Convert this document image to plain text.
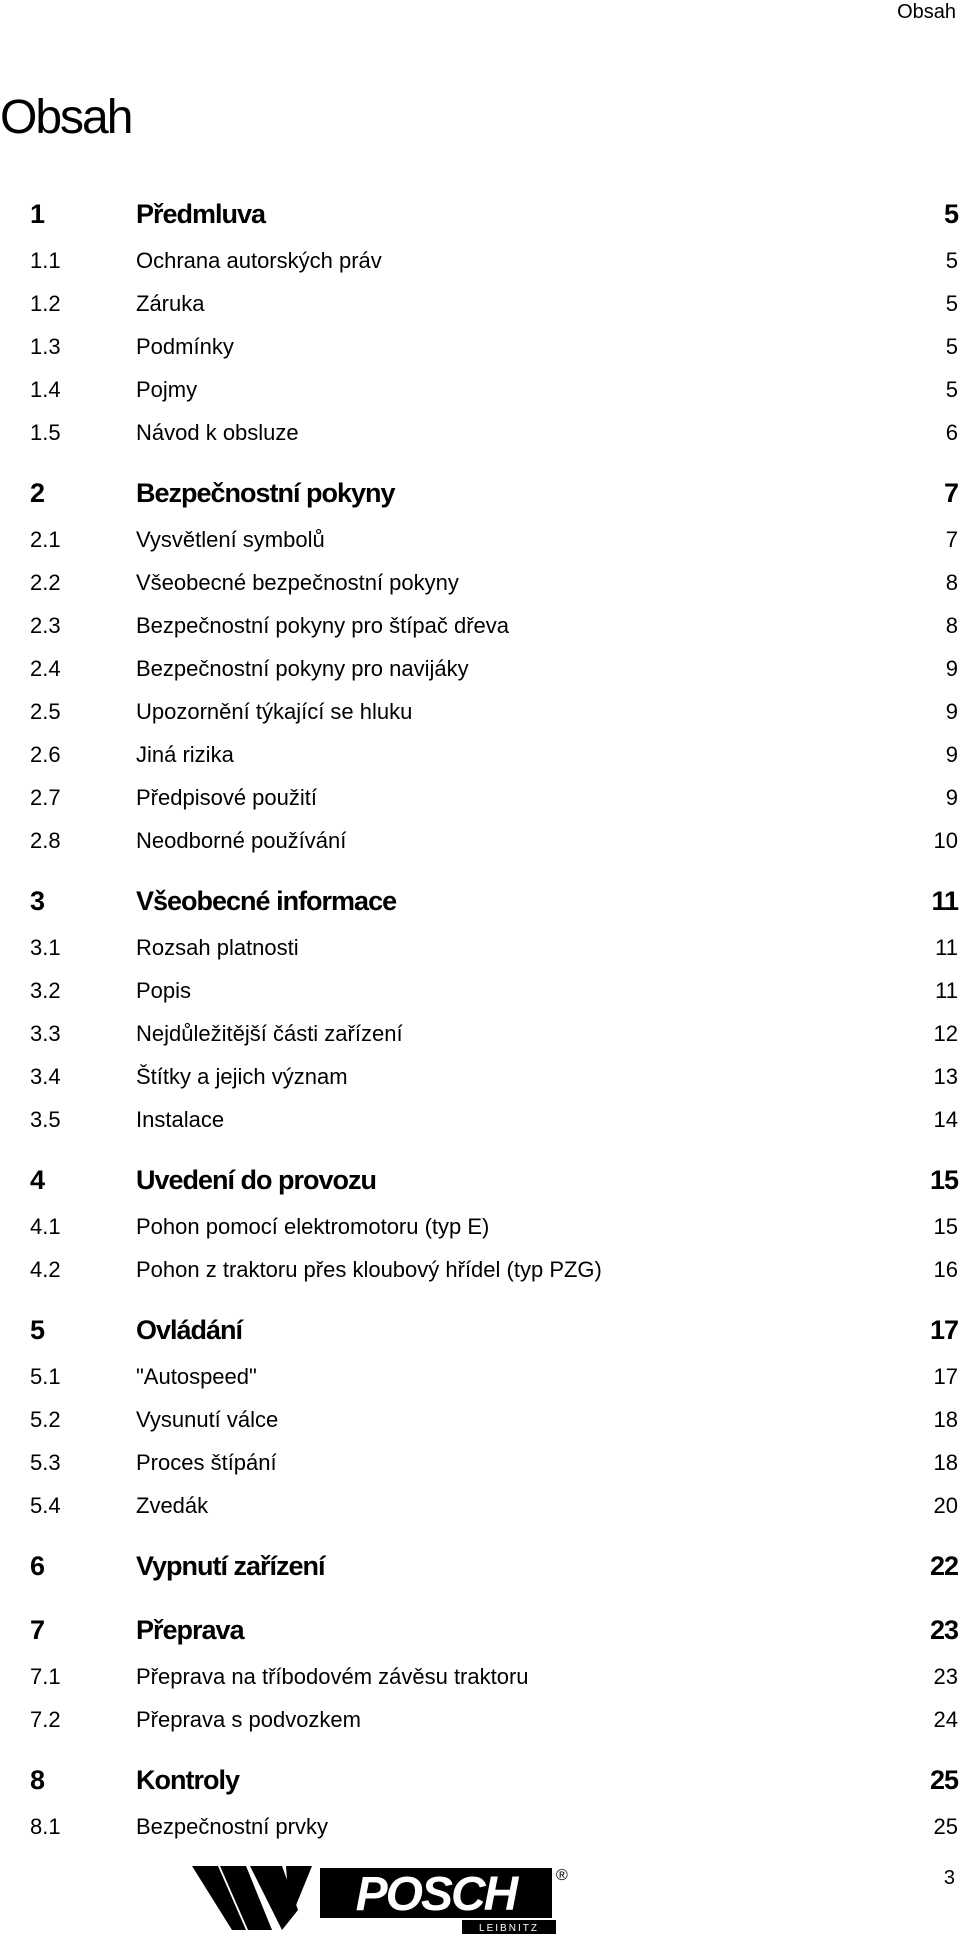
Obsah
Obsah
1	Předmluva	5
1.1	Ochrana autorských práv	5
1.2	Záruka	5
1.3	Podmínky	5
1.4	Pojmy	5
1.5	Návod k obsluze	6
2	Bezpečnostní pokyny	7
2.1	Vysvětlení symbolů	7
2.2	Všeobecné bezpečnostní pokyny	8
2.3	Bezpečnostní pokyny pro štípač dřeva	8
2.4	Bezpečnostní pokyny pro navijáky	9
2.5	Upozornění týkající se hluku	9
2.6	Jiná rizika	9
2.7	Předpisové použití	9
2.8	Neodborné používání	10
3	Všeobecné informace	11
3.1	Rozsah platnosti	11
3.2	Popis	11
3.3	Nejdůležitější části zařízení	12
3.4	Štítky a jejich význam	13
3.5	Instalace	14
4	Uvedení do provozu	15
4.1	Pohon pomocí elektromotoru (typ E)	15
4.2	Pohon z traktoru přes kloubový hřídel (typ PZG)	16
5	Ovládání	17
5.1	"Autospeed"	17
5.2	Vysunutí válce	18
5.3	Proces štípání	18
5.4	Zvedák	20
6	Vypnutí zařízení	22
7	Přeprava	23
7.1	Přeprava na tříbodovém závěsu traktoru	23
7.2	Přeprava s podvozkem	24
8	Kontroly	25
8.1	Bezpečnostní prvky	25
POSCH
LEIBNITZ
®	3
